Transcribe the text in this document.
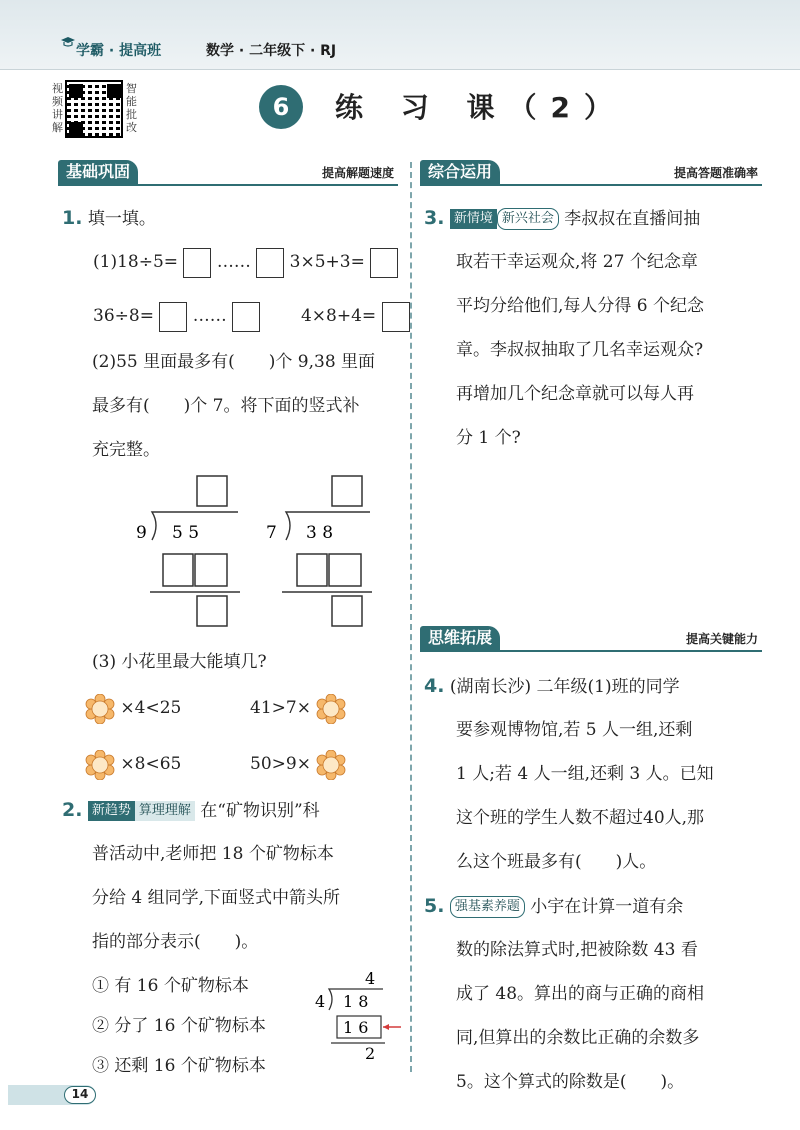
学霸 · 提高班	数学 · 二年级下 · RJ
视频讲解
智能批改
6	练 习 课（2）
基础巩固	提高解题速度	综合运用	提高答题准确率
思维拓展	提高关键能力
1. 填一填。
(1)18÷5= …… 3×5+3=
36÷8= ……	4×8+4=
(2)55 里面最多有(　　)个 9,38 里面
最多有(　　)个 7。将下面的竖式补
充完整。
9 5 5	7 3 8
(3) 小花里最大能填几?
×4<25	41>7×
×8<65	50>9×
2. 新趋势 算理理解 在“矿物识别”科
普活动中,老师把 18 个矿物标本
分给 4 组同学,下面竖式中箭头所
指的部分表示(　　)。
① 有 16 个矿物标本
② 分了 16 个矿物标本
③ 还剩 16 个矿物标本
4
4 1 8
1 6
2
3. 新情境 新兴社会 李叔叔在直播间抽
取若干幸运观众,将 27 个纪念章
平均分给他们,每人分得 6 个纪念
章。李叔叔抽取了几名幸运观众?
再增加几个纪念章就可以每人再
分 1 个?
4. (湖南长沙) 二年级(1)班的同学
要参观博物馆,若 5 人一组,还剩
1 人;若 4 人一组,还剩 3 人。已知
这个班的学生人数不超过40人,那
么这个班最多有(　　)人。
5. 强基素养题 小宇在计算一道有余
数的除法算式时,把被除数 43 看
成了 48。算出的商与正确的商相
同,但算出的余数比正确的余数多
5。这个算式的除数是(　　)。
14
